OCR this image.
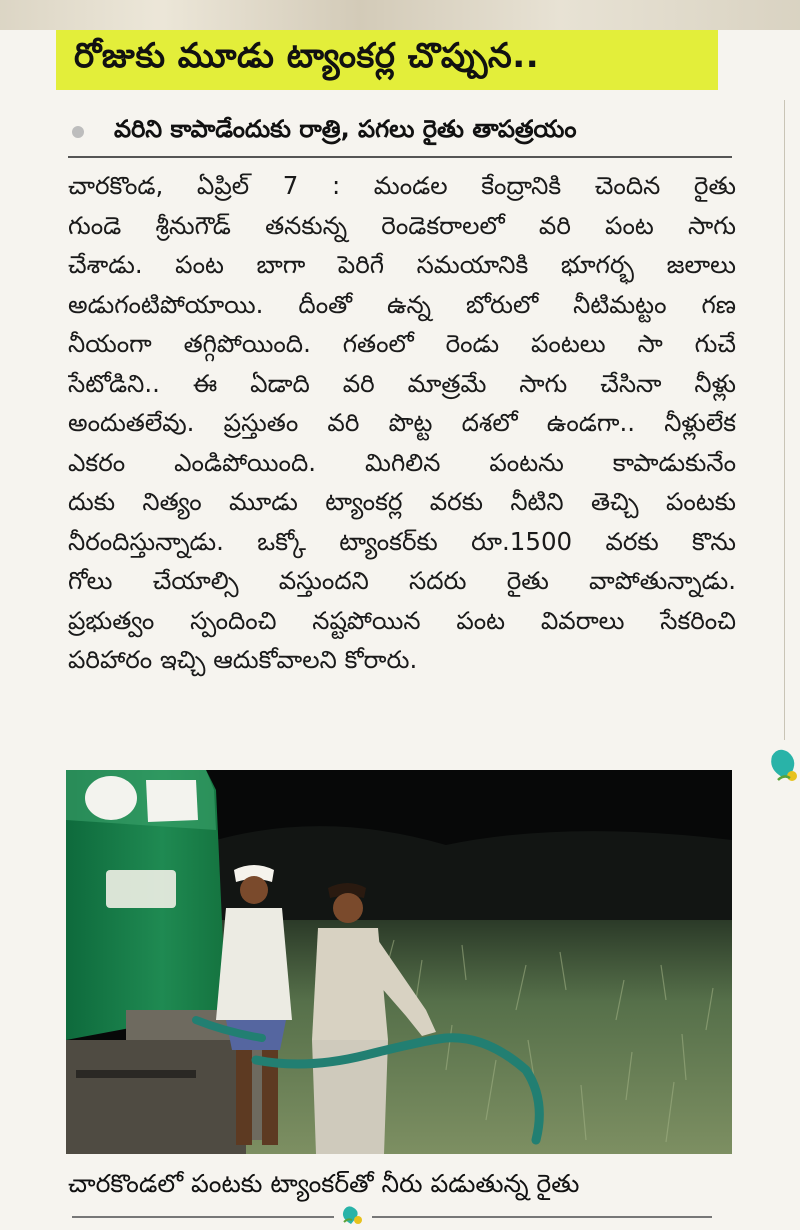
రోజుకు మూడు ట్యాంకర్ల చొప్పున..
వరిని కాపాడేందుకు రాత్రి, పగలు రైతు తాపత్రయం
చారకొండ, ఏప్రిల్ 7 : మండల కేంద్రానికి చెందిన రైతు
గుండె శ్రీనుగౌడ్ తనకున్న రెండెకరాలలో వరి పంట సాగు
చేశాడు. పంట బాగా పెరిగే సమయానికి భూగర్భ జలాలు
అడుగంటిపోయాయి. దీంతో ఉన్న బోరులో నీటిమట్టం గణ
నీయంగా తగ్గిపోయింది. గతంలో రెండు పంటలు సా గుచే
సేటోడిని.. ఈ ఏడాది వరి మాత్రమే సాగు చేసినా నీళ్లు
అందుతలేవు. ప్రస్తుతం వరి పొట్ట దశలో ఉండగా.. నీళ్లులేక
ఎకరం ఎండిపోయింది. మిగిలిన పంటను కాపాడుకునేం
దుకు నిత్యం మూడు ట్యాంకర్ల వరకు నీటిని తెచ్చి పంటకు
నీరందిస్తున్నాడు. ఒక్కో ట్యాంకర్‌కు రూ.1500 వరకు కొను
గోలు చేయాల్సి వస్తుందని సదరు రైతు వాపోతున్నాడు.
ప్రభుత్వం స్పందించి నష్టపోయిన పంట వివరాలు సేకరించి
పరిహారం ఇచ్చి ఆదుకోవాలని కోరారు.
చారకొండలో పంటకు ట్యాంకర్‌తో నీరు పడుతున్న రైతు
